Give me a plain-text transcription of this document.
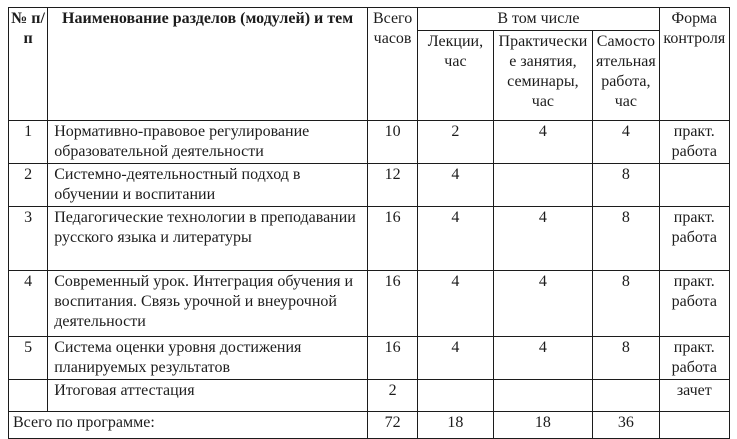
№ п/п	Наименование разделов (модулей) и тем	Всего часов	В том числе			Форма контроля
			Лекции, час	Практические занятия, семинары, час	Самостоятельная работа, час	
1	Нормативно-правовое регулирование образовательной деятельности	10	2	4	4	практ. работа
2	Системно-деятельностный подход в обучении и воспитании	12	4		8	
3	Педагогические технологии в преподавании русского языка и литературы	16	4	4	8	практ. работа
4	Современный урок. Интеграция обучения и воспитания. Связь урочной и внеурочной деятельности	16	4	4	8	практ. работа
5	Система оценки уровня достижения планируемых результатов	16	4	4	8	практ. работа
	Итоговая аттестация	2				зачет
Всего по программе:		72	18	18	36	
